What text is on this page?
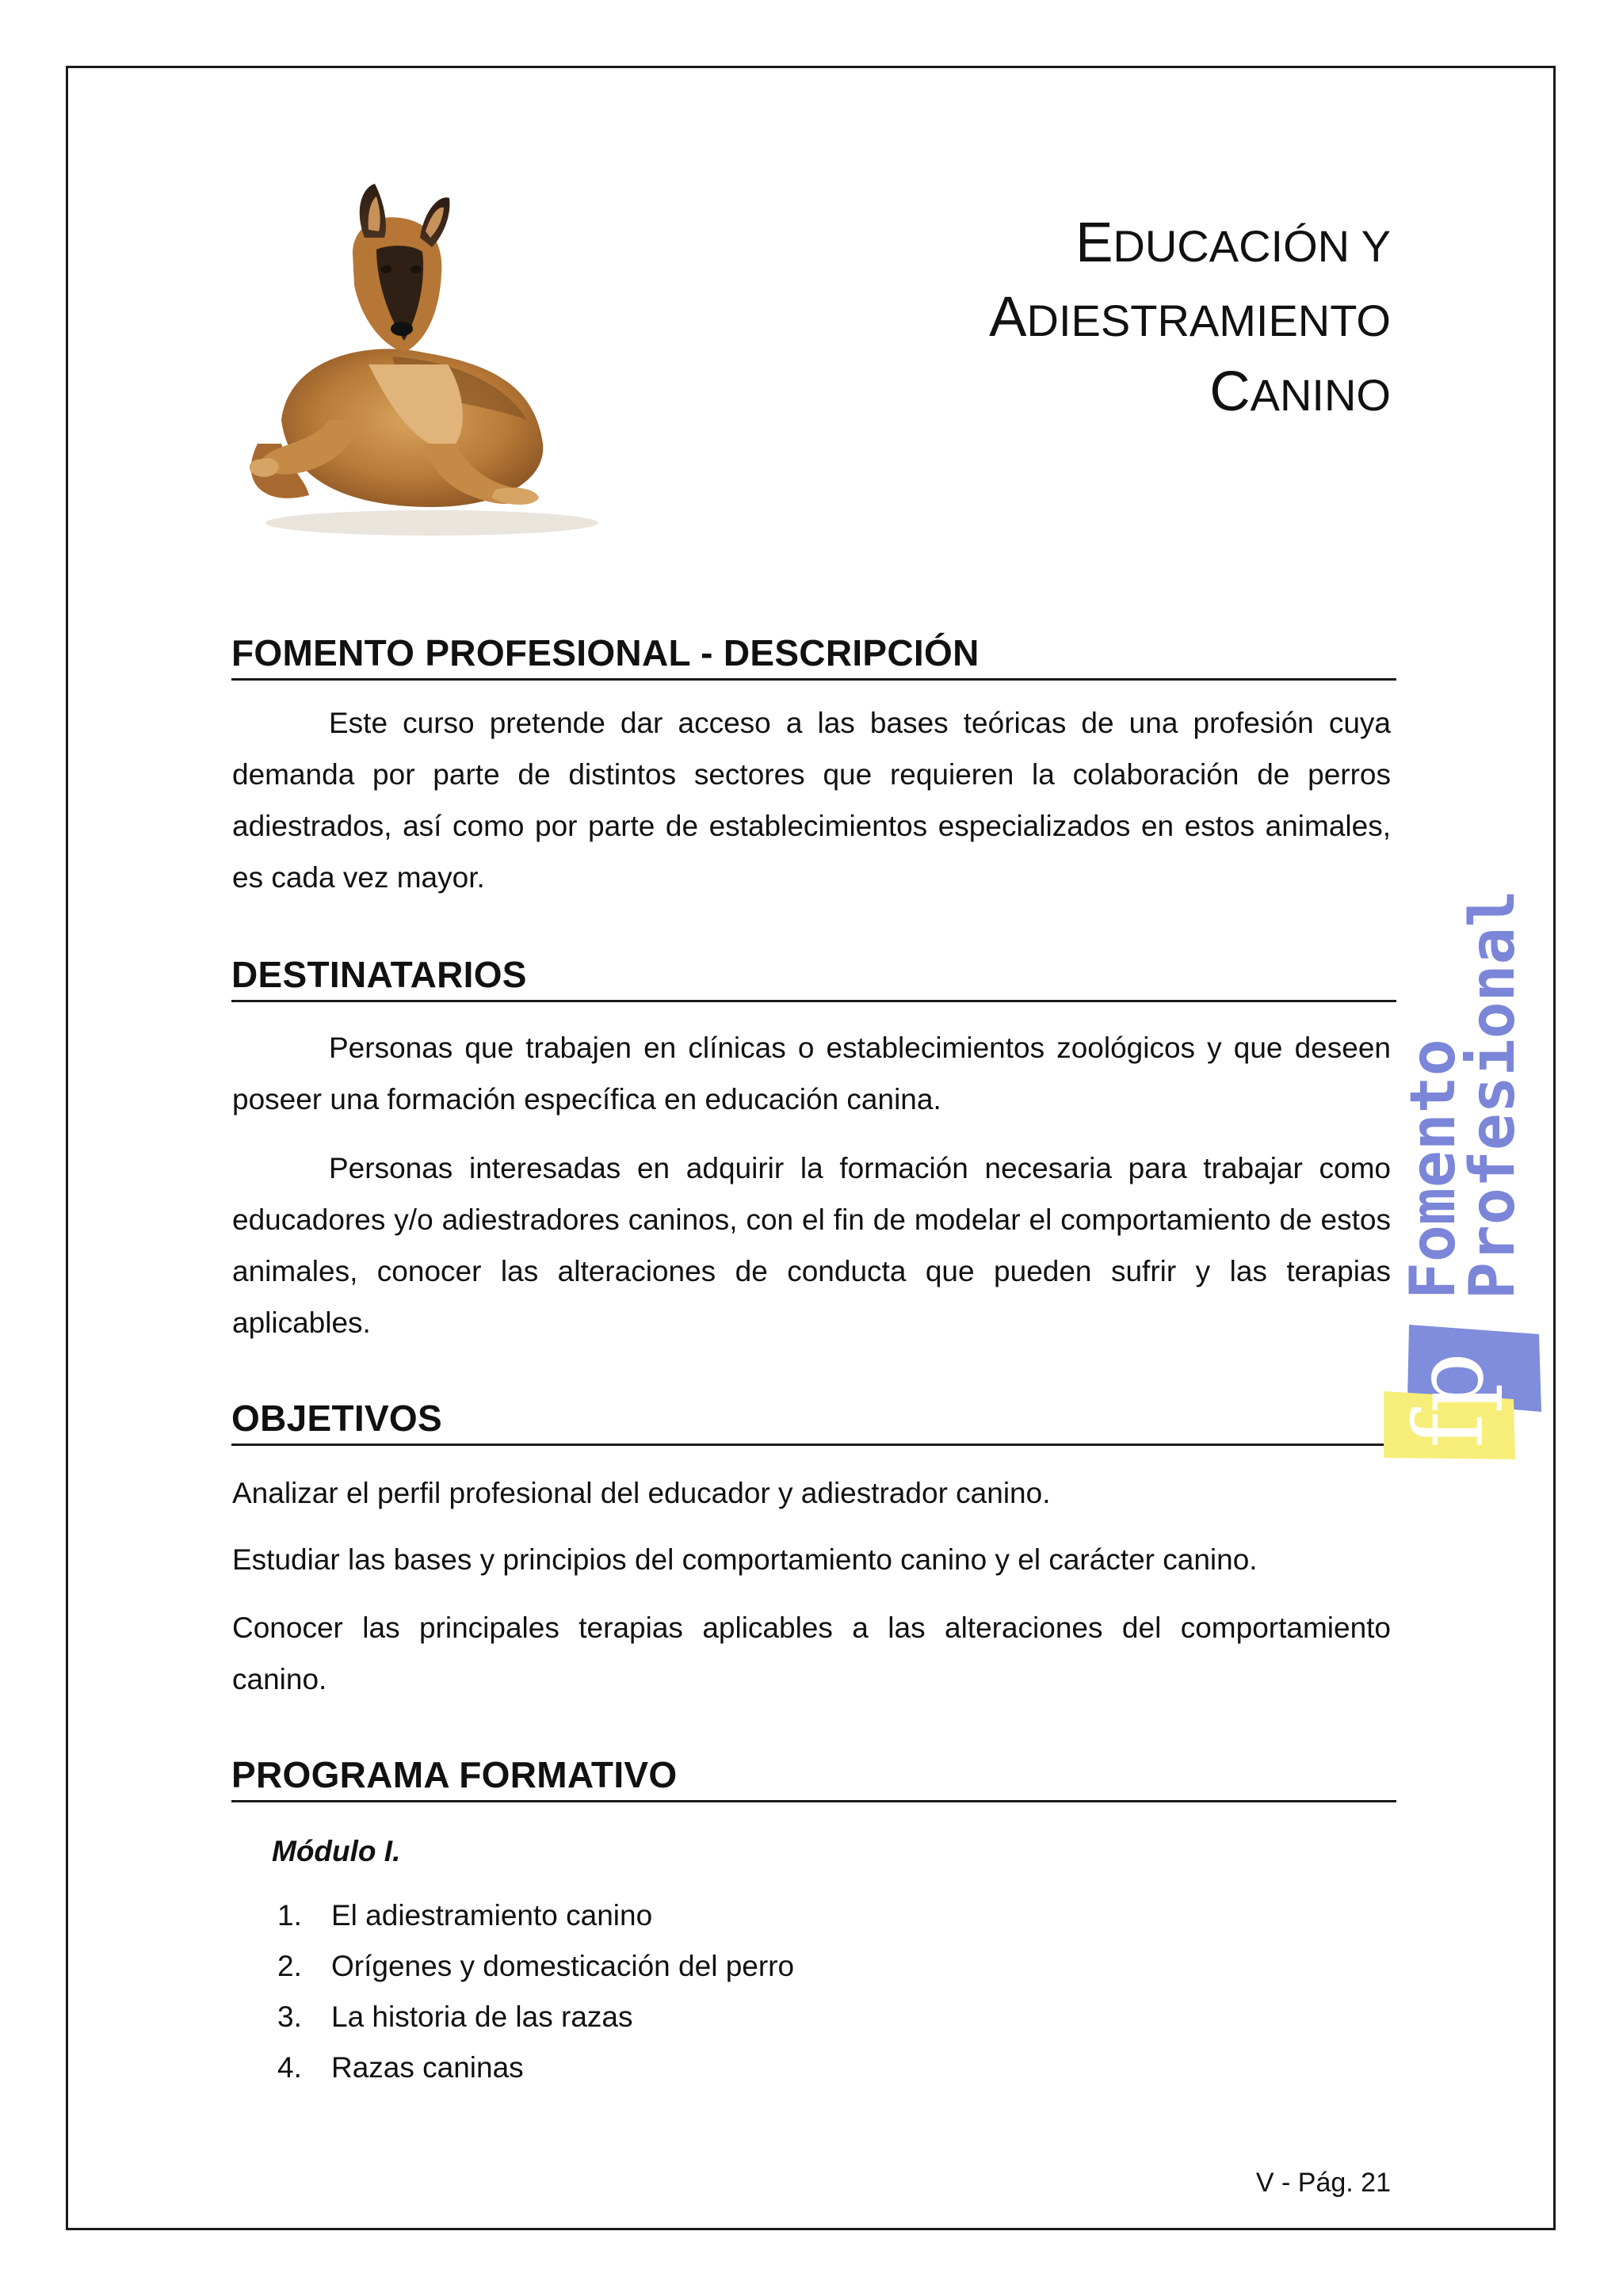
EDUCACIÓN Y
ADIESTRAMIENTO
CANINO
FOMENTO PROFESIONAL - DESCRIPCIÓN

Este curso pretende dar acceso a las bases teóricas de una profesión cuya demanda por parte de distintos sectores que requieren la colaboración de perros adiestrados, así como por parte de establecimientos especializados en estos animales, es cada vez mayor.

DESTINATARIOS

Personas que trabajen en clínicas o establecimientos zoológicos y que deseen poseer una formación específica en educación canina.

Personas interesadas en adquirir la formación necesaria para trabajar como educadores y/o adiestradores caninos, con el fin de modelar el comportamiento de estos animales, conocer las alteraciones de conducta que pueden sufrir y las terapias aplicables.

OBJETIVOS

Analizar el perfil profesional del educador y adiestrador canino.

Estudiar las bases y principios del comportamiento canino y el carácter canino.

Conocer las principales terapias aplicables a las alteraciones del comportamiento canino.

PROGRAMA FORMATIVO
Módulo I.
1. El adiestramiento canino
2. Orígenes y domesticación del perro
3. La historia de las razas
4. Razas caninas
V - Pág. 21
Fomento
Profesional
fp
